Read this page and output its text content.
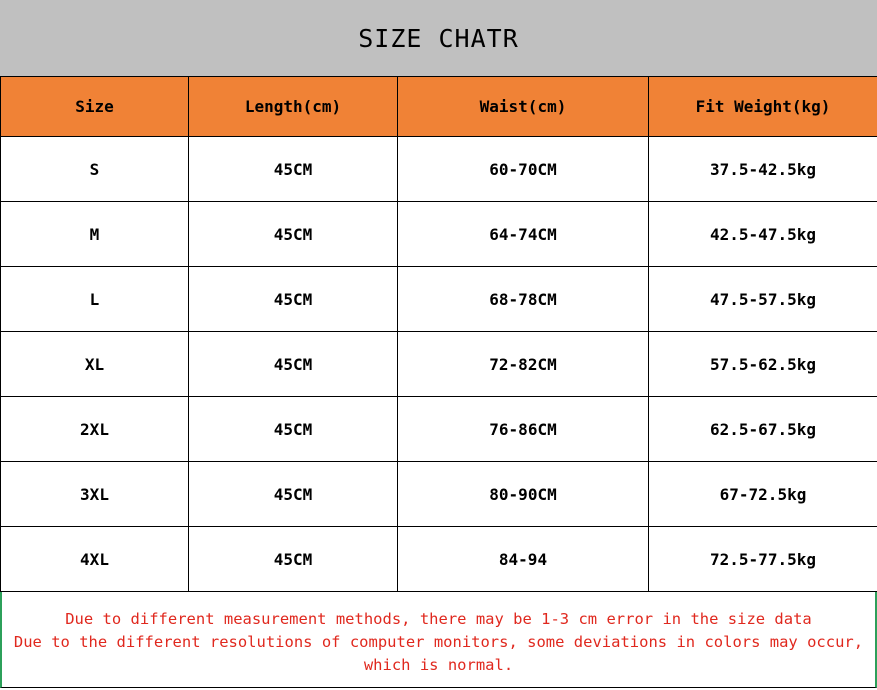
SIZE CHATR
Size	Length(cm)	Waist(cm)	Fit Weight(kg)
S	45CM	60-70CM	37.5-42.5kg
M	45CM	64-74CM	42.5-47.5kg
L	45CM	68-78CM	47.5-57.5kg
XL	45CM	72-82CM	57.5-62.5kg
2XL	45CM	76-86CM	62.5-67.5kg
3XL	45CM	80-90CM	67-72.5kg
4XL	45CM	84-94	72.5-77.5kg
Due to different measurement methods, there may be 1-3 cm error in the size data
Due to the different resolutions of computer monitors, some deviations in colors may occur,
which is normal.
